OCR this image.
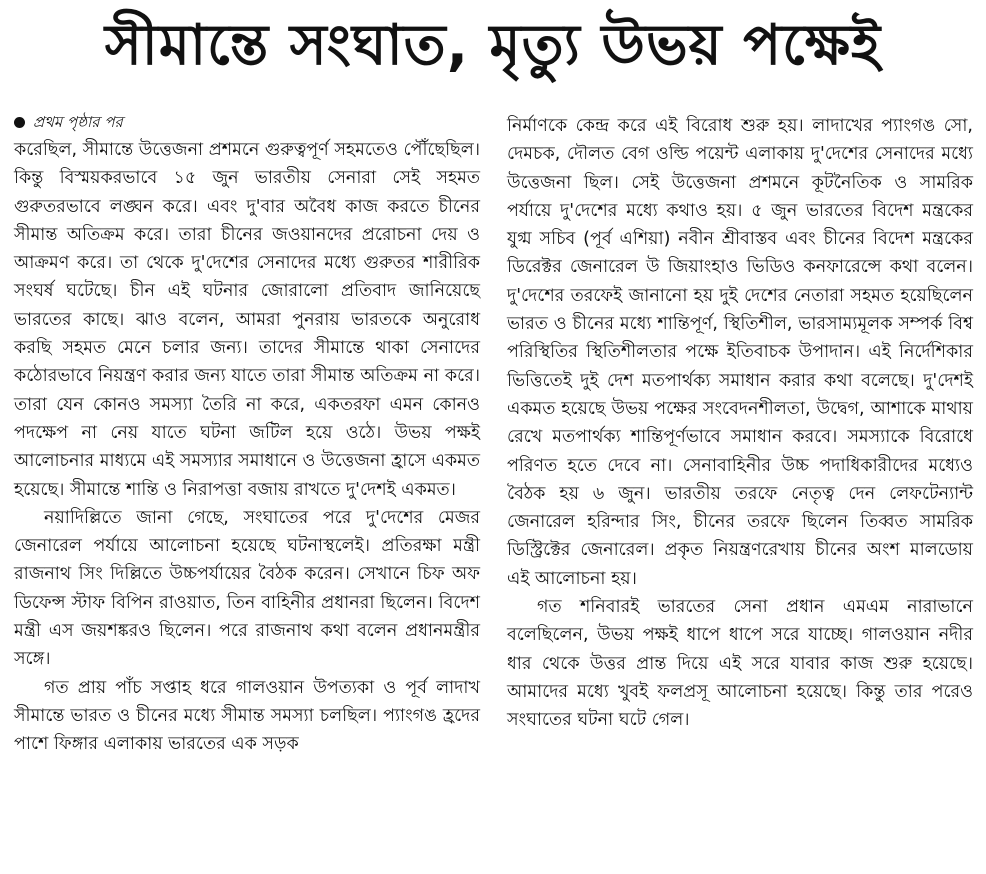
সীমান্তে সংঘাত, মৃত্যু উভয় পক্ষেই
প্রথম পৃষ্ঠার পর

করেছিল, সীমান্তে উত্তেজনা প্রশমনে গুরুত্বপূর্ণ সহমতেও পৌঁছেছিল। কিন্তু বিস্ময়করভাবে ১৫ জুন ভারতীয় সেনারা সেই সহমত গুরুতরভাবে লঙ্ঘন করে। এবং দু'বার অবৈধ কাজ করতে চীনের সীমান্ত অতিক্রম করে। তারা চীনের জওয়ানদের প্ররোচনা দেয় ও আক্রমণ করে। তা থেকে দু'দেশের সেনাদের মধ্যে গুরুতর শারীরিক সংঘর্ষ ঘটেছে। চীন এই ঘটনার জোরালো প্রতিবাদ জানিয়েছে ভারতের কাছে। ঝাও বলেন, আমরা পুনরায় ভারতকে অনুরোধ করছি সহমত মেনে চলার জন্য। তাদের সীমান্তে থাকা সেনাদের কঠোরভাবে নিয়ন্ত্রণ করার জন্য যাতে তারা সীমান্ত অতিক্রম না করে। তারা যেন কোনও সমস্যা তৈরি না করে, একতরফা এমন কোনও পদক্ষেপ না নেয় যাতে ঘটনা জটিল হয়ে ওঠে। উভয় পক্ষই আলোচনার মাধ্যমে এই সমস্যার সমাধানে ও উত্তেজনা হ্রাসে একমত হয়েছে। সীমান্তে শান্তি ও নিরাপত্তা বজায় রাখতে দু'দেশই একমত।

নয়াদিল্লিতে জানা গেছে, সংঘাতের পরে দু'দেশের মেজর জেনারেল পর্যায়ে আলোচনা হয়েছে ঘটনাস্থলেই। প্রতিরক্ষা মন্ত্রী রাজনাথ সিং দিল্লিতে উচ্চপর্যায়ের বৈঠক করেন। সেখানে চিফ অফ ডিফেন্স স্টাফ বিপিন রাওয়াত, তিন বাহিনীর প্রধানরা ছিলেন। বিদেশ মন্ত্রী এস জয়শঙ্করও ছিলেন। পরে রাজনাথ কথা বলেন প্রধানমন্ত্রীর সঙ্গে।

গত প্রায় পাঁচ সপ্তাহ ধরে গালওয়ান উপত্যকা ও পূর্ব লাদাখ সীমান্তে ভারত ও চীনের মধ্যে সীমান্ত সমস্যা চলছিল। প্যাংগঙ হ্রদের পাশে ফিঙ্গার এলাকায় ভারতের এক সড়ক

নির্মাণকে কেন্দ্র করে এই বিরোধ শুরু হয়। লাদাখের প্যাংগঙ সো, দেমচক, দৌলত বেগ ওল্ডি পয়েন্ট এলাকায় দু'দেশের সেনাদের মধ্যে উত্তেজনা ছিল। সেই উত্তেজনা প্রশমনে কূটনৈতিক ও সামরিক পর্যায়ে দু'দেশের মধ্যে কথাও হয়। ৫ জুন ভারতের বিদেশ মন্ত্রকের যুগ্ম সচিব (পূর্ব এশিয়া) নবীন শ্রীবাস্তব এবং চীনের বিদেশ মন্ত্রকের ডিরেক্টর জেনারেল উ জিয়াংহাও ভিডিও কনফারেন্সে কথা বলেন। দু'দেশের তরফেই জানানো হয় দুই দেশের নেতারা সহমত হয়েছিলেন ভারত ও চীনের মধ্যে শান্তিপূর্ণ, স্থিতিশীল, ভারসাম্যমূলক সম্পর্ক বিশ্ব পরিস্থিতির স্থিতিশীলতার পক্ষে ইতিবাচক উপাদান। এই নির্দেশিকার ভিত্তিতেই দুই দেশ মতপার্থক্য সমাধান করার কথা বলেছে। দু'দেশই একমত হয়েছে উভয় পক্ষের সংবেদনশীলতা, উদ্বেগ, আশাকে মাথায় রেখে মতপার্থক্য শান্তিপূর্ণভাবে সমাধান করবে। সমস্যাকে বিরোধে পরিণত হতে দেবে না। সেনাবাহিনীর উচ্চ পদাধিকারীদের মধ্যেও বৈঠক হয় ৬ জুন। ভারতীয় তরফে নেতৃত্ব দেন লেফটেন্যান্ট জেনারেল হরিন্দার সিং, চীনের তরফে ছিলেন তিব্বত সামরিক ডিস্ট্রিক্টের জেনারেল। প্রকৃত নিয়ন্ত্রণরেখায় চীনের অংশ মালডোয় এই আলোচনা হয়।

গত শনিবারই ভারতের সেনা প্রধান এমএম নারাভানে বলেছিলেন, উভয় পক্ষই ধাপে ধাপে সরে যাচ্ছে। গালওয়ান নদীর ধার থেকে উত্তর প্রান্ত দিয়ে এই সরে যাবার কাজ শুরু হয়েছে। আমাদের মধ্যে খুবই ফলপ্রসূ আলোচনা হয়েছে। কিন্তু তার পরেও সংঘাতের ঘটনা ঘটে গেল।
